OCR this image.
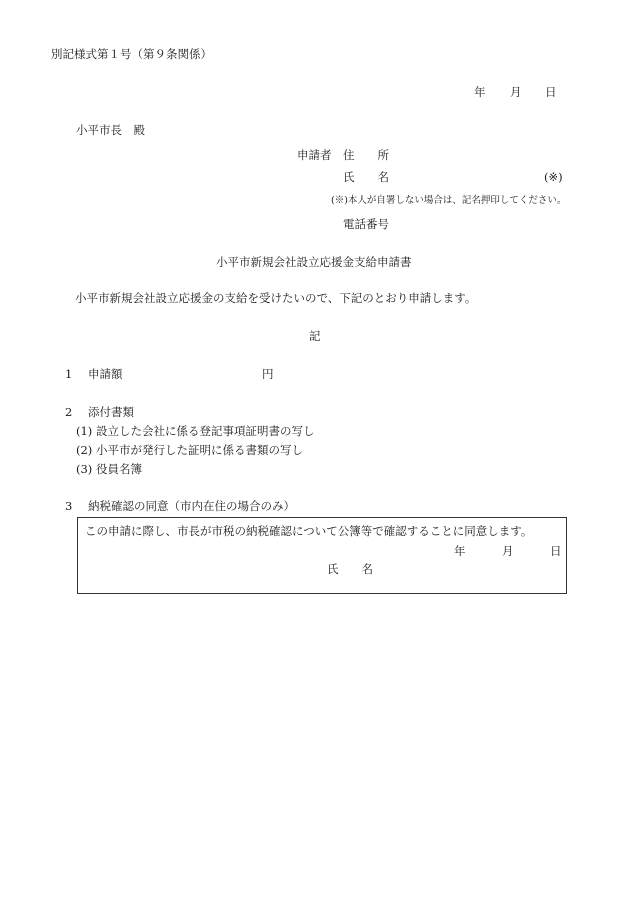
別記様式第１号（第９条関係）
年 月 日
小平市長　殿
申請者 住　　所
氏　　名	(※)
(※)本人が自署しない場合は、記名押印してください。
電話番号
小平市新規会社設立応援金支給申請書
小平市新規会社設立応援金の支給を受けたいので、下記のとおり申請します。
記
1 申請額	円
2 添付書類
(1) 設立した会社に係る登記事項証明書の写し
(2) 小平市が発行した証明に係る書類の写し
(3) 役員名簿
3 納税確認の同意（市内在住の場合のみ）
この申請に際し、市長が市税の納税確認について公簿等で確認することに同意します。
年	月	日
氏　　名
